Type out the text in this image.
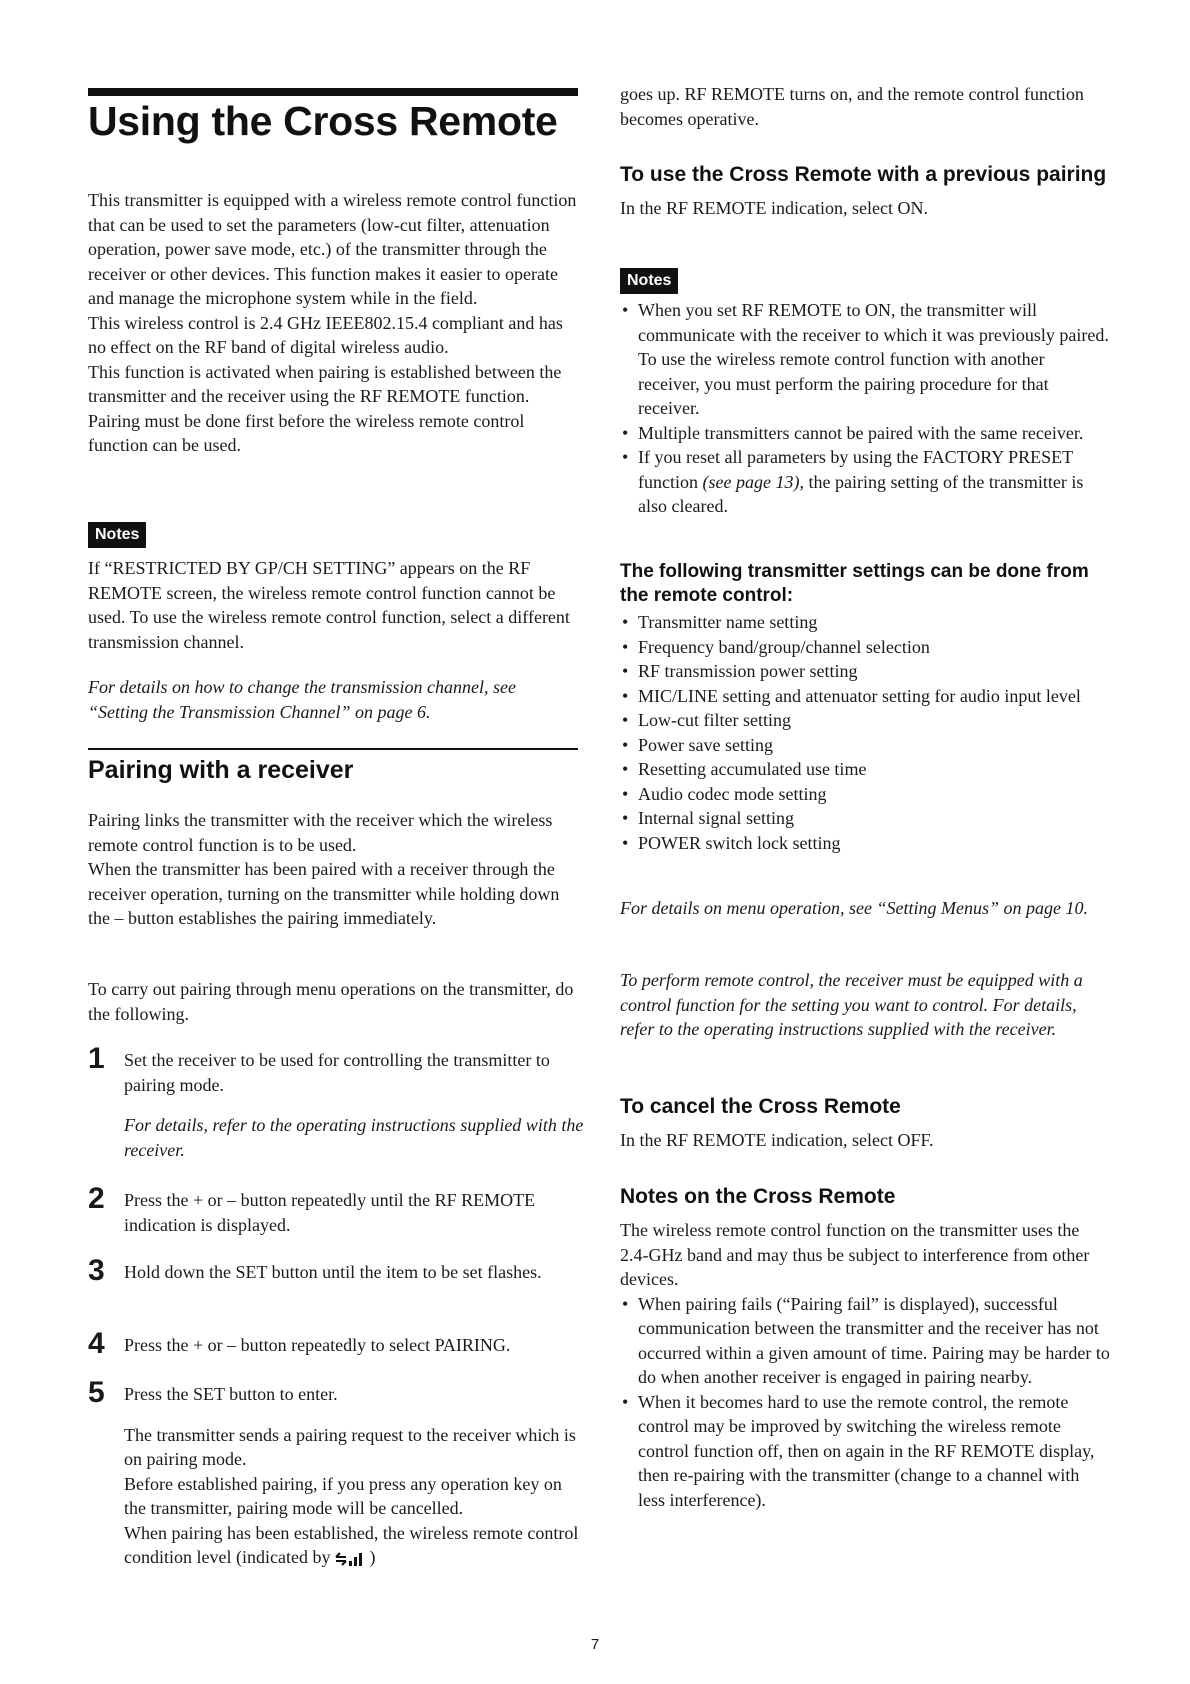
Using the Cross Remote

This transmitter is equipped with a wireless remote control function that can be used to set the parameters (low-cut filter, attenuation operation, power save mode, etc.) of the transmitter through the receiver or other devices. This function makes it easier to operate and manage the microphone system while in the field.

This wireless control is 2.4 GHz IEEE802.15.4 compliant and has no effect on the RF band of digital wireless audio.

This function is activated when pairing is established between the transmitter and the receiver using the RF REMOTE function.

Pairing must be done first before the wireless remote control function can be used.

Notes

If “RESTRICTED BY GP/CH SETTING” appears on the RF REMOTE screen, the wireless remote control function cannot be used. To use the wireless remote control function, select a different transmission channel.

For details on how to change the transmission channel, see “Setting the Transmission Channel” on page 6.

Pairing with a receiver

Pairing links the transmitter with the receiver which the wireless remote control function is to be used.

When the transmitter has been paired with a receiver through the receiver operation, turning on the transmitter while holding down the – button establishes the pairing immediately.

To carry out pairing through menu operations on the transmitter, do the following.

1 Set the receiver to be used for controlling the transmitter to pairing mode.
For details, refer to the operating instructions supplied with the receiver.
2 Press the + or – button repeatedly until the RF REMOTE indication is displayed.
3 Hold down the SET button until the item to be set flashes.
4 Press the + or – button repeatedly to select PAIRING.
5 Press the SET button to enter.

The transmitter sends a pairing request to the receiver which is on pairing mode.

Before established pairing, if you press any operation key on the transmitter, pairing mode will be cancelled.

When pairing has been established, the wireless remote control condition level (indicated by )

goes up. RF REMOTE turns on, and the remote control function becomes operative.

To use the Cross Remote with a previous pairing

In the RF REMOTE indication, select ON.

Notes
• When you set RF REMOTE to ON, the transmitter will communicate with the receiver to which it was previously paired. To use the wireless remote control function with another receiver, you must perform the pairing procedure for that receiver.
• Multiple transmitters cannot be paired with the same receiver.
• If you reset all parameters by using the FACTORY PRESET function (see page 13), the pairing setting of the transmitter is also cleared.
The following transmitter settings can be done from the remote control:
• Transmitter name setting
• Frequency band/group/channel selection
• RF transmission power setting
• MIC/LINE setting and attenuator setting for audio input level
• Low-cut filter setting
• Power save setting
• Resetting accumulated use time
• Audio codec mode setting
• Internal signal setting
• POWER switch lock setting

For details on menu operation, see “Setting Menus” on page 10.

To perform remote control, the receiver must be equipped with a control function for the setting you want to control. For details, refer to the operating instructions supplied with the receiver.

To cancel the Cross Remote

In the RF REMOTE indication, select OFF.

Notes on the Cross Remote

The wireless remote control function on the transmitter uses the 2.4-GHz band and may thus be subject to interference from other devices.

• When pairing fails (“Pairing fail” is displayed), successful communication between the transmitter and the receiver has not occurred within a given amount of time. Pairing may be harder to do when another receiver is engaged in pairing nearby.
• When it becomes hard to use the remote control, the remote control may be improved by switching the wireless remote control function off, then on again in the RF REMOTE display, then re-pairing with the transmitter (change to a channel with less interference).
7
